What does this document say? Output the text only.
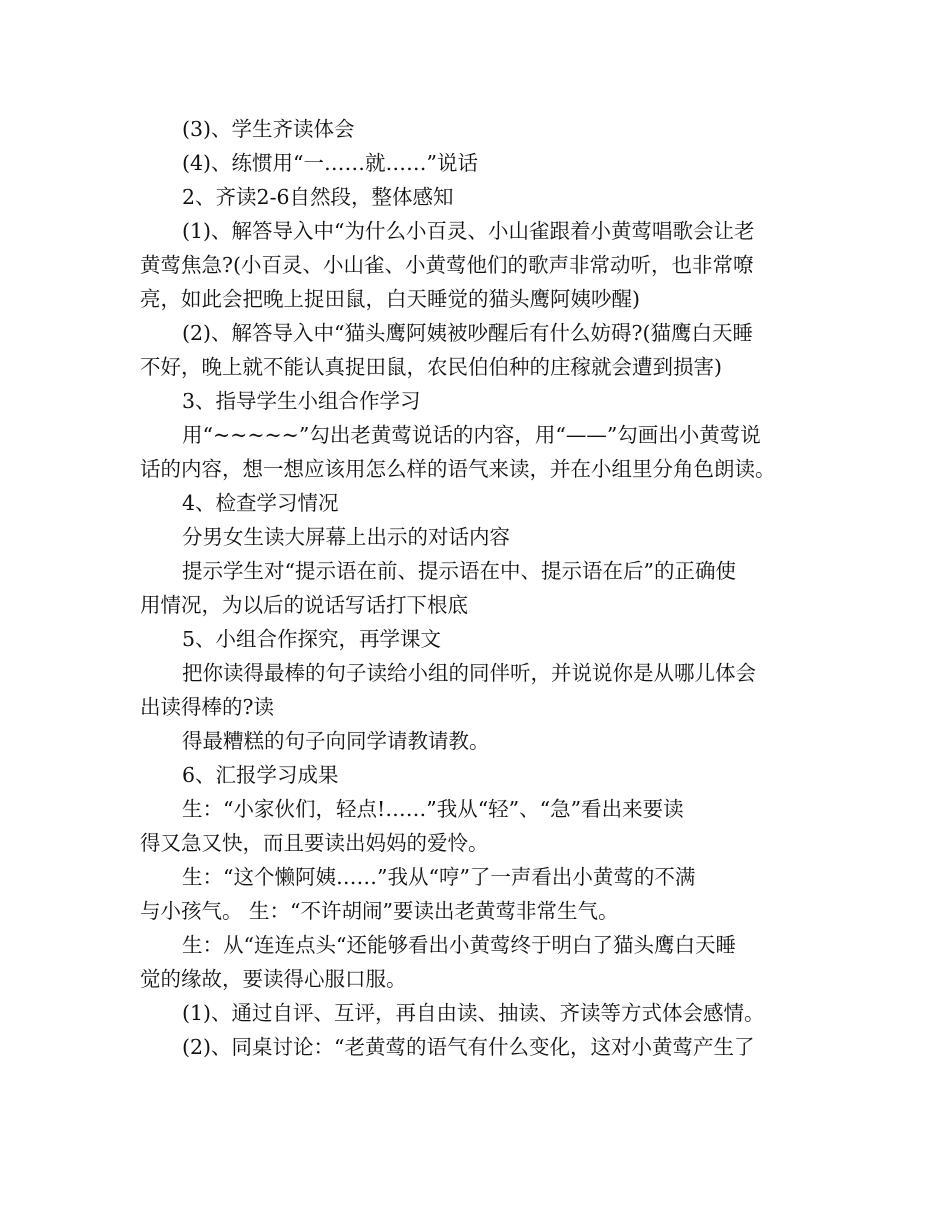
(3)、学生齐读体会

(4)、练惯用“一……就……”说话

2、齐读2-6自然段，整体感知

(1)、解答导入中“为什么小百灵、小山雀跟着小黄莺唱歌会让老

黄莺焦急?(小百灵、小山雀、小黄莺他们的歌声非常动听，也非常嘹

亮，如此会把晚上捉田鼠，白天睡觉的猫头鹰阿姨吵醒)

(2)、解答导入中“猫头鹰阿姨被吵醒后有什么妨碍?(猫鹰白天睡

不好，晚上就不能认真捉田鼠，农民伯伯种的庄稼就会遭到损害)

3、指导学生小组合作学习

用“~~~~~”勾出老黄莺说话的内容，用“——”勾画出小黄莺说

话的内容，想一想应该用怎么样的语气来读，并在小组里分角色朗读。

4、检查学习情况

分男女生读大屏幕上出示的对话内容

提示学生对“提示语在前、提示语在中、提示语在后”的正确使

用情况，为以后的说话写话打下根底

5、小组合作探究，再学课文

把你读得最棒的句子读给小组的同伴听，并说说你是从哪儿体会

出读得棒的?读

得最糟糕的句子向同学请教请教。

6、汇报学习成果

生：“小家伙们，轻点!……”我从“轻”、“急”看出来要读

得又急又快，而且要读出妈妈的爱怜。

生：“这个懒阿姨……”我从“哼”了一声看出小黄莺的不满

与小孩气。 生：“不许胡闹”要读出老黄莺非常生气。

生：从“连连点头“还能够看出小黄莺终于明白了猫头鹰白天睡

觉的缘故，要读得心服口服。

(1)、通过自评、互评，再自由读、抽读、齐读等方式体会感情。

(2)、同桌讨论：“老黄莺的语气有什么变化，这对小黄莺产生了
